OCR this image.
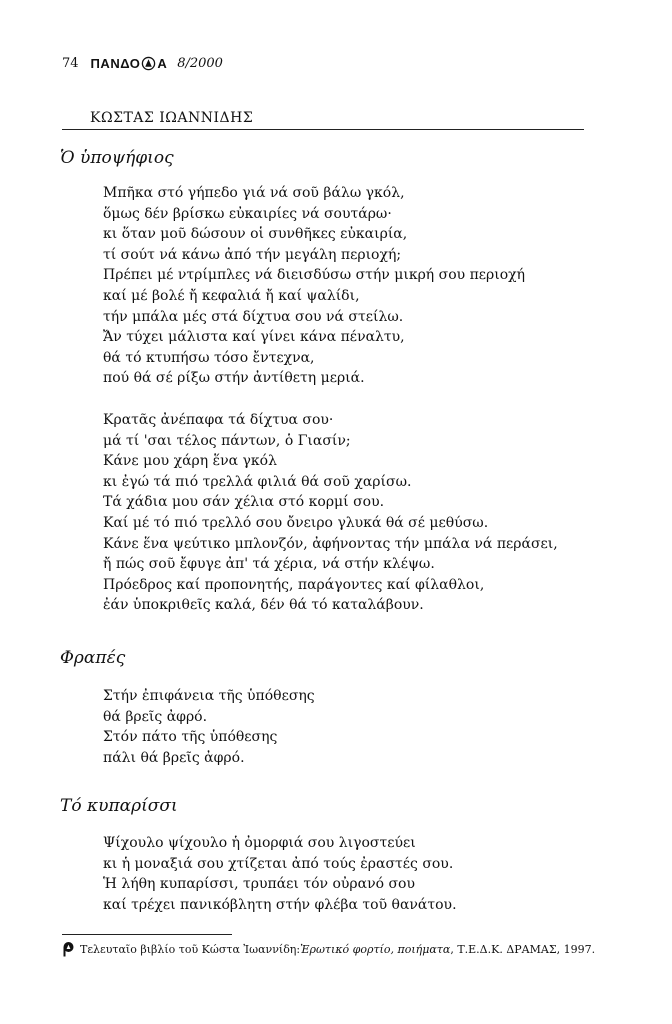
74 ΠΑΝΔΟ Α 8/2000
ΚΩΣΤΑΣ ΙΩΑΝΝΙΔΗΣ
Ὁ ὑποψήφιος
Μπῆκα στό γήπεδο γιά νά σοῦ βάλω γκόλ,
ὅμως δέν βρίσκω εὐκαιρίες νά σουτάρω·
κι ὅταν μοῦ δώσουν οἱ συνθῆκες εὐκαιρία,
τί σούτ νά κάνω ἀπό τήν μεγάλη περιοχή;
Πρέπει μέ ντρίμπλες νά διεισδύσω στήν μικρή σου περιοχή
καί μέ βολέ ἤ κεφαλιά ἤ καί ψαλίδι,
τήν μπάλα μές στά δίχτυα σου νά στείλω.
Ἄν τύχει μάλιστα καί γίνει κάνα πέναλτυ,
θά τό κτυπήσω τόσο ἔντεχνα,
πού θά σέ ρίξω στήν ἀντίθετη μεριά.
Κρατᾶς ἀνέπαφα τά δίχτυα σου·
μά τί 'σαι τέλος πάντων, ὁ Γιασίν;
Κάνε μου χάρη ἕνα γκόλ
κι ἐγώ τά πιό τρελλά φιλιά θά σοῦ χαρίσω.
Τά χάδια μου σάν χέλια στό κορμί σου.
Καί μέ τό πιό τρελλό σου ὄνειρο γλυκά θά σέ μεθύσω.
Κάνε ἕνα ψεύτικο μπλονζόν, ἀφήνοντας τήν μπάλα νά περάσει,
ἤ πώς σοῦ ἔφυγε ἀπ' τά χέρια, νά στήν κλέψω.
Πρόεδρος καί προπονητής, παράγοντες καί φίλαθλοι,
ἐάν ὑποκριθεῖς καλά, δέν θά τό καταλάβουν.
Φραπές
Στήν ἐπιφάνεια τῆς ὑπόθεσης
θά βρεῖς ἀφρό.
Στόν πάτο τῆς ὑπόθεσης
πάλι θά βρεῖς ἀφρό.
Τό κυπαρίσσι
Ψίχουλο ψίχουλο ἡ ὀμορφιά σου λιγοστεύει
κι ἡ μοναξιά σου χτίζεται ἀπό τούς ἐραστές σου.
Ἡ λήθη κυπαρίσσι, τρυπάει τόν οὐρανό σου
καί τρέχει πανικόβλητη στήν φλέβα τοῦ θανάτου.
Τελευταῖο βιβλίο τοῦ Κώστα Ἰωαννίδη: Ἐρωτικό φορτίο , ποιήματα , Τ.Ε.Δ.Κ. ΔΡΑΜΑΣ, 1997.
